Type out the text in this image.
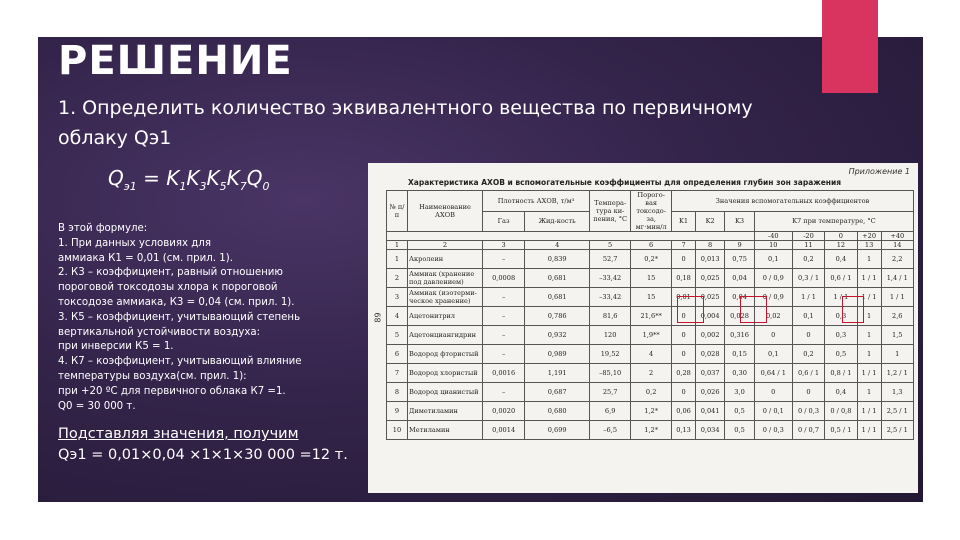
РЕШЕНИЕ
1. Определить количество эквивалентного вещества по первичному облаку Qэ1
$Q_{э1} = K_1K_3K_5K_7Q_0$
В этой формуле:
1. При данных условиях для
аммиака К1 = 0,01 (см. прил. 1).
2. К3 – коэффициент, равный отношению
пороговой токсодозы хлора к пороговой
токсодозе аммиака, К3 = 0,04 (см. прил. 1).
3. К5 – коэффициент, учитывающий степень
вертикальной устойчивости воздуха:
при инверсии К5 = 1.
4. К7 – коэффициент, учитывающий влияние
температуры воздуха(см. прил. 1):
при +20 ºС для первичного облака К7 =1.
Q0 = 30 000 т.
Подставляя значения, получим
Qэ1 = 0,01×0,04 ×1×1×30 000 =12 т.
Приложение 1
Характеристика АХОВ и вспомогательные коэффициенты для определения глубин зон заражения
89
№ п/п	Наименование АХОВ	Плотность АХОВ, т/м³		Темпера-тура ки-пения, °С	Порого-вая токсодо-за, мг·мин/л	Значения вспомогательных коэффициентов							
		Газ	Жид-кость			K1	K2	K3	K7 при температуре, °С				
									-40	-20	0	+20	+40
1	2	3	4	5	6	7	8	9	10	11	12	13	14
1	Акролеин	–	0,839	52,7	0,2*	0	0,013	0,75	0,1	0,2	0,4	1	2,2
2	Аммиак (хранение под давлением)	0,0008	0,681	–33,42	15	0,18	0,025	0,04	0 / 0,9	0,3 / 1	0,6 / 1	1 / 1	1,4 / 1
3	Аммиак (изотерми-ческое хранение)	–	0,681	–33,42	15	0,01	0,025	0,04	0 / 0,9	1 / 1	1 / 1	1 / 1	1 / 1
4	Ацетонитрил	–	0,786	81,6	21,6**	0	0,004	0,028	0,02	0,1	0,3	1	2,6
5	Ацетонциангидрин	–	0,932	120	1,9**	0	0,002	0,316	0	0	0,3	1	1,5
6	Водород фтористый	–	0,989	19,52	4	0	0,028	0,15	0,1	0,2	0,5	1	1
7	Водород хлористый	0,0016	1,191	–85,10	2	0,28	0,037	0,30	0,64 / 1	0,6 / 1	0,8 / 1	1 / 1	1,2 / 1
8	Водород цианистый	–	0,687	25,7	0,2	0	0,026	3,0	0	0	0,4	1	1,3
9	Диметиламин	0,0020	0,680	6,9	1,2*	0,06	0,041	0,5	0 / 0,1	0 / 0,3	0 / 0,8	1 / 1	2,5 / 1
10	Метиламин	0,0014	0,699	–6,5	1,2*	0,13	0,034	0,5	0 / 0,3	0 / 0,7	0,5 / 1	1 / 1	2,5 / 1
